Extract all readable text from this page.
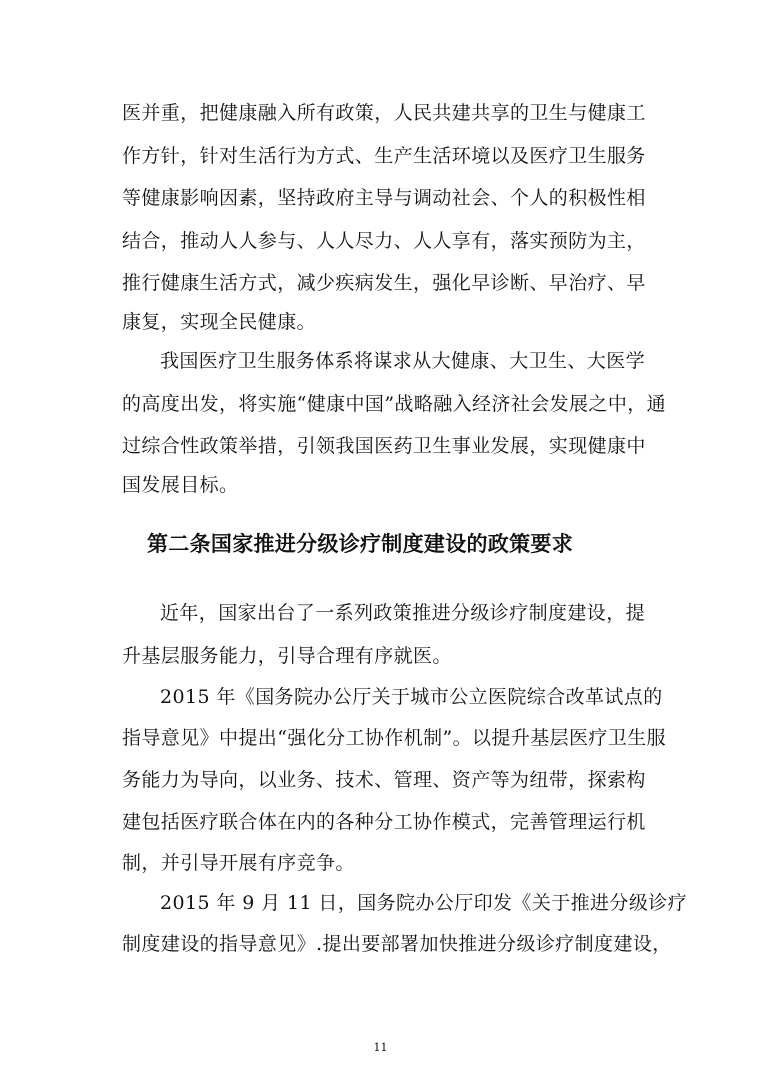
医并重，把健康融入所有政策，人民共建共享的卫生与健康工
作方针，针对生活行为方式、生产生活环境以及医疗卫生服务
等健康影响因素，坚持政府主导与调动社会、个人的积极性相
结合，推动人人参与、人人尽力、人人享有，落实预防为主，
推行健康生活方式，减少疾病发生，强化早诊断、早治疗、早
康复，实现全民健康。
我国医疗卫生服务体系将谋求从大健康、大卫生、大医学
的高度出发，将实施“健康中国”战略融入经济社会发展之中，通
过综合性政策举措，引领我国医药卫生事业发展，实现健康中
国发展目标。
第二条国家推进分级诊疗制度建设的政策要求
近年，国家出台了一系列政策推进分级诊疗制度建设，提
升基层服务能力，引导合理有序就医。
2015 年《国务院办公厅关于城市公立医院综合改革试点的
指导意见》中提出“强化分工协作机制”。以提升基层医疗卫生服
务能力为导向，以业务、技术、管理、资产等为纽带，探索构
建包括医疗联合体在内的各种分工协作模式，完善管理运行机
制，并引导开展有序竞争。
2015 年 9 月 11 日，国务院办公厅印发《关于推进分级诊疗
制度建设的指导意见》.提出要部署加快推进分级诊疗制度建设，
11
